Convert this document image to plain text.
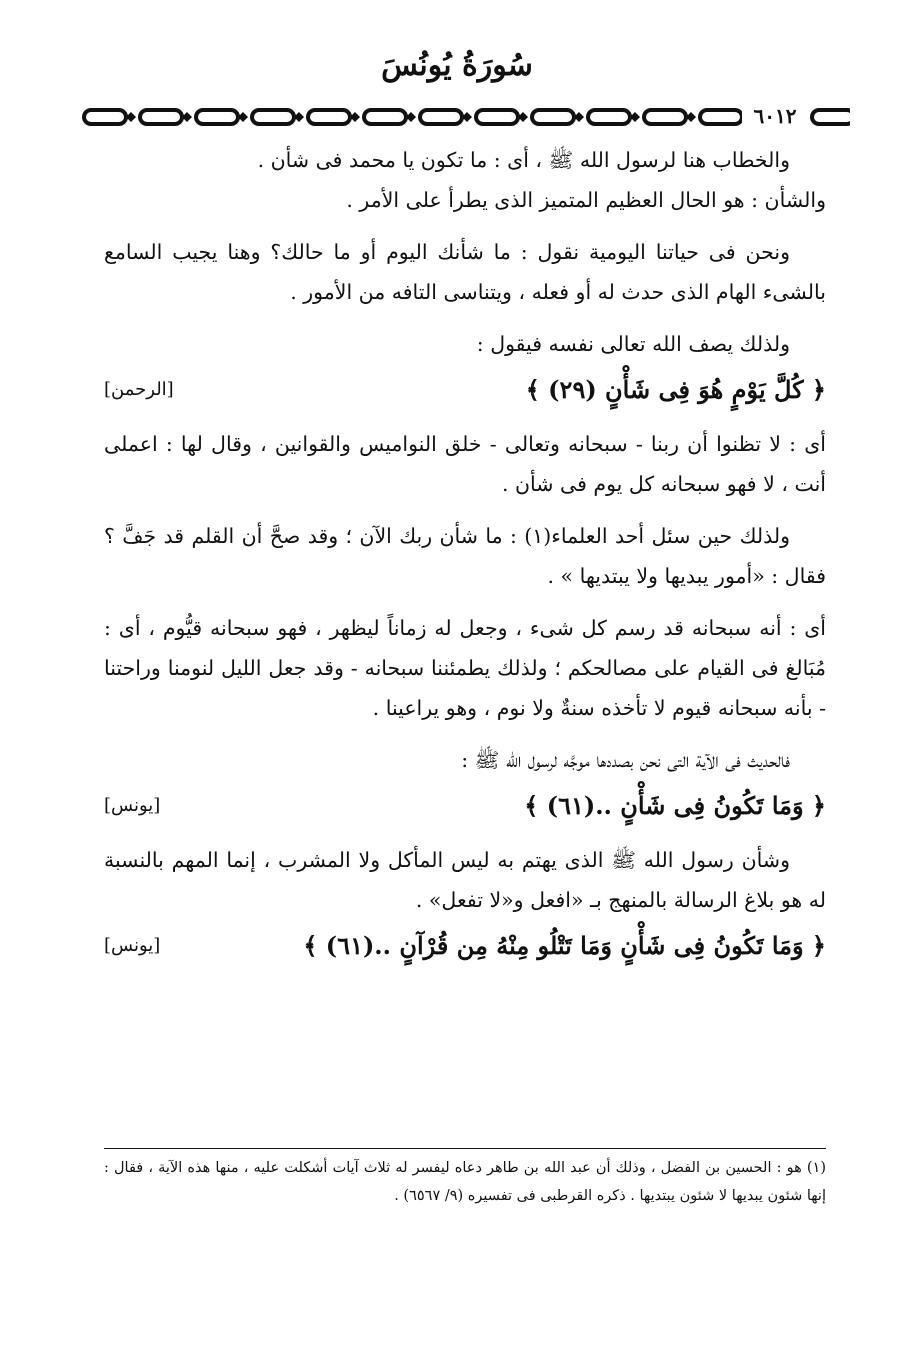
سُورَةُ يُونُسَ
٦٠١٢

والخطاب هنا لرسول الله ﷺ ، أى : ما تكون يا محمد فى شأن .

والشأن : هو الحال العظيم المتميز الذى يطرأ على الأمر .

ونحن فى حياتنا اليومية نقول : ما شأنك اليوم أو ما حالك؟ وهنا يجيب السامع بالشىء الهام الذى حدث له أو فعله ، ويتناسى التافه من الأمور .

ولذلك يصف الله تعالى نفسه فيقول :

﴿ كُلَّ يَوْمٍ هُوَ فِى شَأْنٍ (٢٩) ﴾
[الرحمن]

أى : لا تظنوا أن ربنا - سبحانه وتعالى - خلق النواميس والقوانين ، وقال لها : اعملى أنت ، لا فهو سبحانه كل يوم فى شأن .

ولذلك حين سئل أحد العلماء(١) : ما شأن ربك الآن ؛ وقد صحَّ أن القلم قد جَفَّ ؟ فقال : «أمور يبديها ولا يبتديها » .

أى : أنه سبحانه قد رسم كل شىء ، وجعل له زماناً ليظهر ، فهو سبحانه قيُّوم ، أى : مُبَالغ فى القيام على مصالحكم ؛ ولذلك يطمئننا سبحانه - وقد جعل الليل لنومنا وراحتنا - بأنه سبحانه قيوم لا تأخذه سنةٌ ولا نوم ، وهو يراعينا .

فالحديث فى الآية التى نحن بصددها موجَّه لرسول الله ﷺ :

﴿ وَمَا تَكُونُ فِى شَأْنٍ ..(٦١) ﴾
[يونس]

وشأن رسول الله ﷺ الذى يهتم به ليس المأكل ولا المشرب ، إنما المهم بالنسبة له هو بلاغ الرسالة بالمنهج بـ «افعل و«لا تفعل» .

﴿ وَمَا تَكُونُ فِى شَأْنٍ وَمَا تَتْلُو مِنْهُ مِن قُرْآنٍ ..(٦١) ﴾
[يونس]
(١) هو : الحسين بن الفضل ، وذلك أن عبد الله بن طاهر دعاه ليفسر له ثلاث آيات أشكلت عليه ، منها هذه الآية ، فقال : إنها شئون يبديها لا شئون يبتديها . ذكره القرطبى فى تفسيره (٩/ ٦٥٦٧) .
